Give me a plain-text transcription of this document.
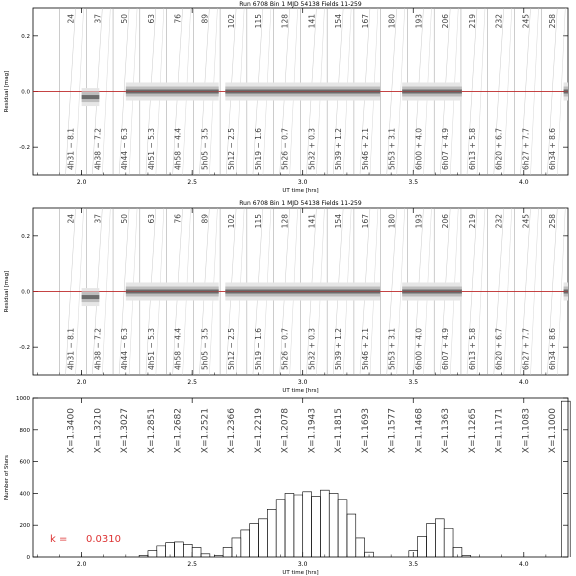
2.0	2.5	3.0	3.5	4.0
UT time [hrs]
-0.2
0.0
0.2
Residual [mag]
Run 6708 Bin 1 MJD 54138 Fields 11-259
24
4h31 − 8.1
37
4h38 − 7.2
50
4h44 − 6.3
63
4h51 − 5.3
76
4h58 − 4.4
89
5h05 − 3.5
102
5h12 − 2.5
115
5h19 − 1.6
128
5h26 − 0.7
141
5h32 + 0.3
154
5h39 + 1.2
167
5h46 + 2.1
180
5h53 + 3.1
193
6h00 + 4.0
206
6h07 + 4.9
219
6h13 + 5.8
232
6h20 + 6.7
245
6h27 + 7.7
258
6h34 + 8.6
2.0	2.5	3.0	3.5	4.0
UT time [hrs]
-0.2
0.0
0.2
Residual [mag]
Run 6708 Bin 1 MJD 54138 Fields 11-259
24
4h31 − 8.1
37
4h38 − 7.2
50
4h44 − 6.3
63
4h51 − 5.3
76
4h58 − 4.4
89
5h05 − 3.5
102
5h12 − 2.5
115
5h19 − 1.6
128
5h26 − 0.7
141
5h32 + 0.3
154
5h39 + 1.2
167
5h46 + 2.1
180
5h53 + 3.1
193
6h00 + 4.0
206
6h07 + 4.9
219
6h13 + 5.8
232
6h20 + 6.7
245
6h27 + 7.7
258
6h34 + 8.6
2.0	2.5	3.0	3.5	4.0
UT time [hrs]
0
200
400
600
800
1000
Number of Stars
X=1.3400 X=1.3210 X=1.3027 X=1.2851 X=1.2682 X=1.2521 X=1.2366 X=1.2219 X=1.2078 X=1.1943 X=1.1815 X=1.1693 X=1.1577 X=1.1468 X=1.1363 X=1.1265 X=1.1171 X=1.1083 X=1.1000
k = 0.0310
